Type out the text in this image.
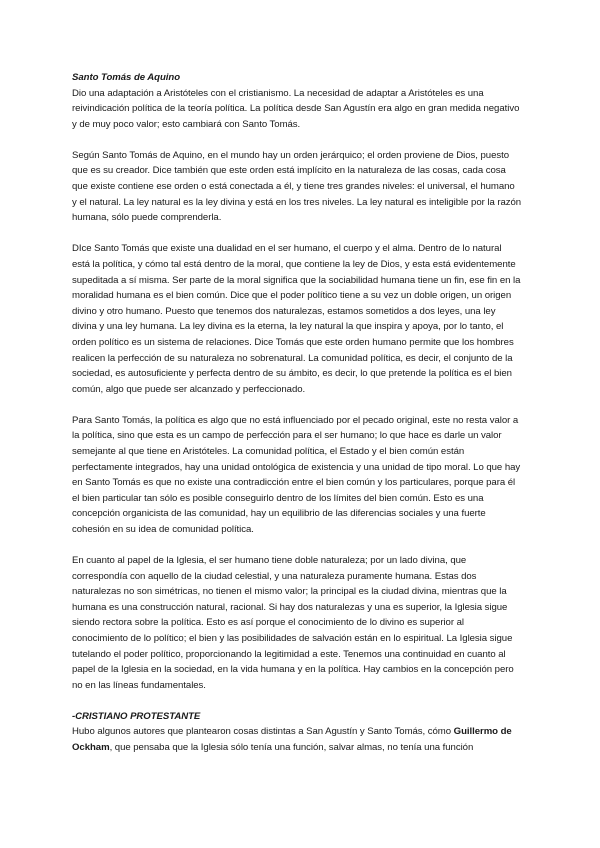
Santo Tomás de Aquino

Dio una adaptación a Aristóteles con el cristianismo. La necesidad de adaptar a Aristóteles es una reivindicación política de la teoría política. La política desde San Agustín era algo en gran medida negativo y de muy poco valor; esto cambiará con Santo Tomás.

Según Santo Tomás de Aquino, en el mundo hay un orden jerárquico; el orden proviene de Dios, puesto que es su creador. Dice también que este orden está implícito en la naturaleza de las cosas, cada cosa que existe contiene ese orden o está conectada a él, y tiene tres grandes niveles: el universal, el humano y el natural. La ley natural es la ley divina y está en los tres niveles. La ley natural es inteligible por la razón humana, sólo puede comprenderla.

DIce Santo Tomás que existe una dualidad en el ser humano, el cuerpo y el alma. Dentro de lo natural está la política, y cómo tal está dentro de la moral, que contiene la ley de Dios, y esta está evidentemente supeditada a sí misma. Ser parte de la moral significa que la sociabilidad humana tiene un fin, ese fin en la moralidad humana es el bien común. Dice que el poder político tiene a su vez un doble origen, un origen divino y otro humano. Puesto que tenemos dos naturalezas, estamos sometidos a dos leyes, una ley divina y una ley humana. La ley divina es la eterna, la ley natural la que inspira y apoya, por lo tanto, el orden político es un sistema de relaciones. Dice Tomás que este orden humano permite que los hombres realicen la perfección de su naturaleza no sobrenatural. La comunidad política, es decir, el conjunto de la sociedad, es autosuficiente y perfecta dentro de su ámbito, es decir, lo que pretende la política es el bien común, algo que puede ser alcanzado y perfeccionado.

Para Santo Tomás, la política es algo que no está influenciado por el pecado original, este no resta valor a la política, sino que esta es un campo de perfección para el ser humano; lo que hace es darle un valor semejante al que tiene en Aristóteles. La comunidad política, el Estado y el bien común están perfectamente integrados, hay una unidad ontológica de existencia y una unidad de tipo moral. Lo que hay en Santo Tomás es que no existe una contradicción entre el bien común y los particulares, porque para él el bien particular tan sólo es posible conseguirlo dentro de los límites del bien común. Esto es una concepción organicista de las comunidad, hay un equilibrio de las diferencias sociales y una fuerte cohesión en su idea de comunidad política.

En cuanto al papel de la Iglesia, el ser humano tiene doble naturaleza; por un lado divina, que correspondía con aquello de la ciudad celestial, y una naturaleza puramente humana. Estas dos naturalezas no son simétricas, no tienen el mismo valor; la principal es la ciudad divina, mientras que la humana es una construcción natural, racional. Si hay dos naturalezas y una es superior, la Iglesia sigue siendo rectora sobre la política. Esto es así porque el conocimiento de lo divino es superior al conocimiento de lo político; el bien y las posibilidades de salvación están en lo espiritual. La Iglesia sigue tutelando el poder político, proporcionando la legitimidad a este. Tenemos una continuidad en cuanto al papel de la Iglesia en la sociedad, en la vida humana y en la política. Hay cambios en la concepción pero no en las líneas fundamentales.

-CRISTIANO PROTESTANTE

Hubo algunos autores que plantearon cosas distintas a San Agustín y Santo Tomás, cómo Guillermo de Ockham, que pensaba que la Iglesia sólo tenía una función, salvar almas, no tenía una función
